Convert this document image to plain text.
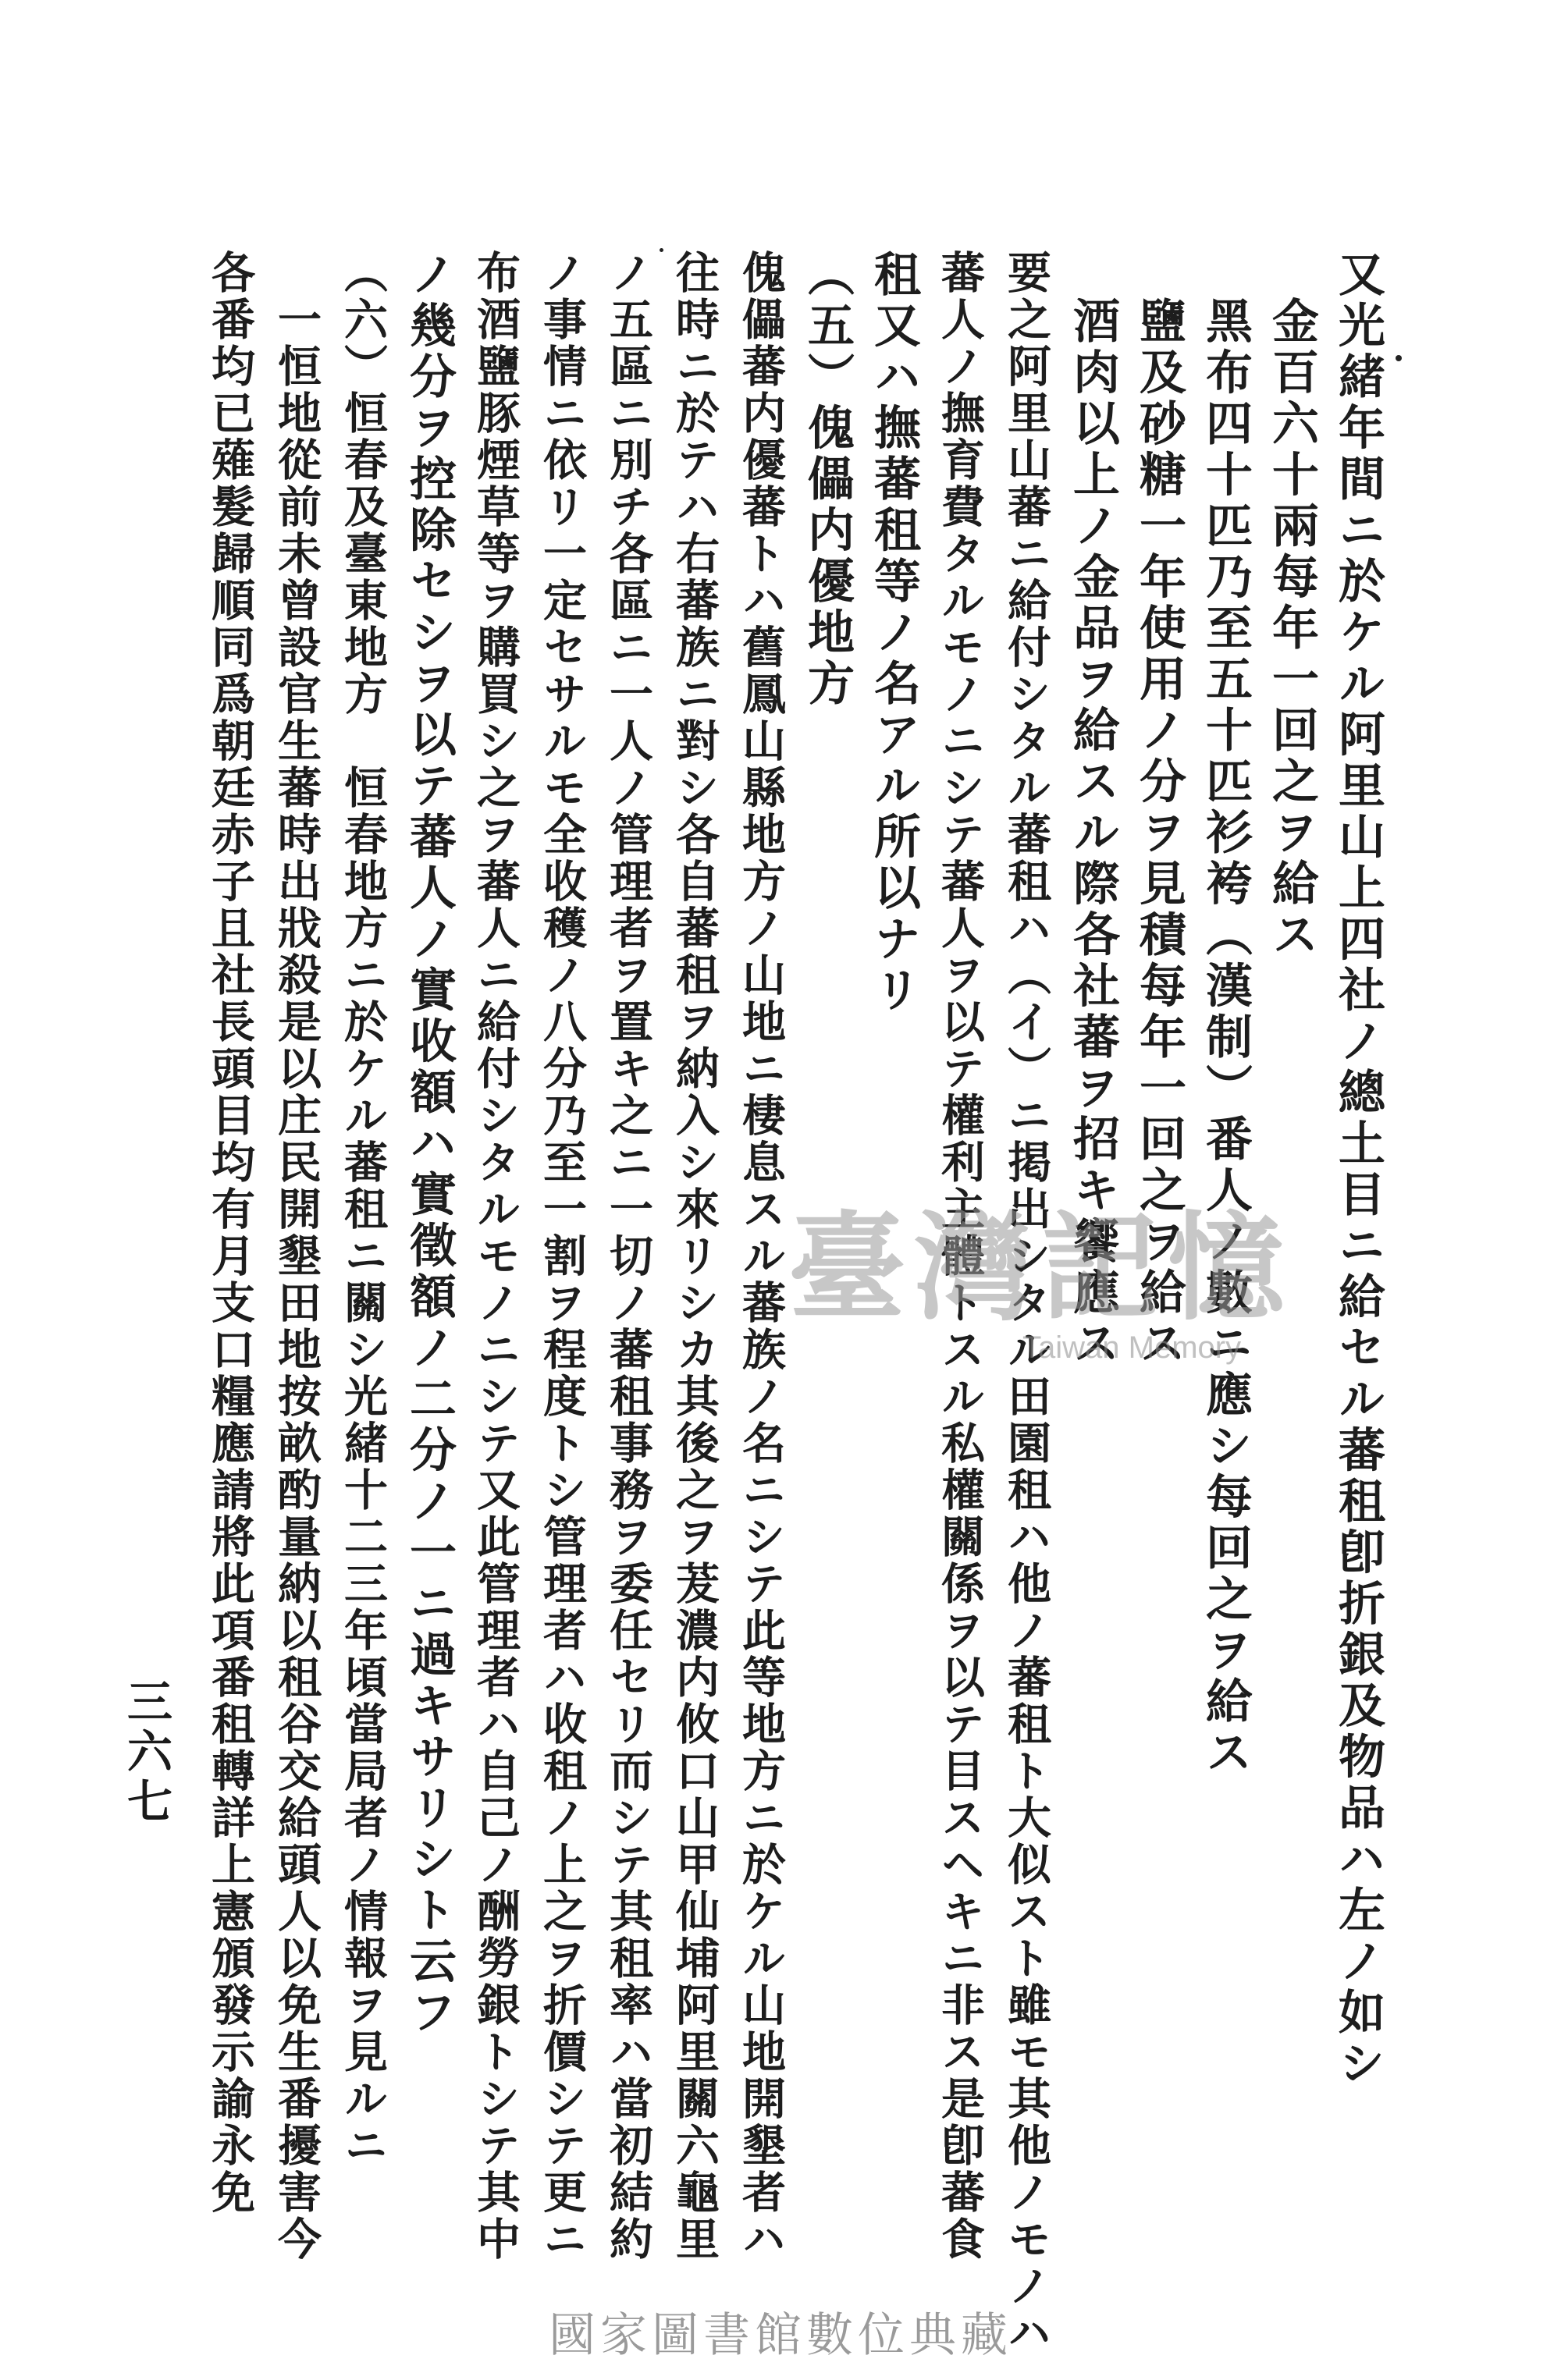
又光緒年間ニ於ケル阿里山上四社ノ總土目ニ給セル蕃租卽折銀及物品ハ左ノ如シ
金百六十兩每年一回之ヲ給ス
黑布四十匹乃至五十匹衫袴（漢制）番人ノ數ニ應シ每回之ヲ給ス
鹽及砂糖一年使用ノ分ヲ見積每年一回之ヲ給ス
酒肉以上ノ金品ヲ給スル際各社蕃ヲ招キ饗應ス
要之阿里山蕃ニ給付シタル蕃租ハ（イ）ニ掲出シタル田園租ハ他ノ蕃租ト大似スト雖モ其他ノモノハ
蕃人ノ撫育費タルモノニシテ蕃人ヲ以テ權利主體トスル私權關係ヲ以テ目スヘキニ非ス是卽蕃食
租又ハ撫蕃租等ノ名アル所以ナリ
（五）傀儡内優地方
傀儡蕃内優蕃トハ舊鳳山縣地方ノ山地ニ棲息スル蕃族ノ名ニシテ此等地方ニ於ケル山地開墾者ハ
往時ニ於テハ右蕃族ニ對シ各自蕃租ヲ納入シ來リシカ其後之ヲ茇濃内攸口山甲仙埔阿里關六龜里
ノ五區ニ別チ各區ニ一人ノ管理者ヲ置キ之ニ一切ノ蕃租事務ヲ委任セリ而シテ其租率ハ當初結約
ノ事情ニ依リ一定セサルモ全收穫ノ八分乃至一割ヲ程度トシ管理者ハ收租ノ上之ヲ折價シテ更ニ
布酒鹽豚煙草等ヲ購買シ之ヲ蕃人ニ給付シタルモノニシテ又此管理者ハ自己ノ酬勞銀トシテ其中
ノ幾分ヲ控除セシヲ以テ蕃人ノ實收額ハ實徵額ノ二分ノ一ニ過キサリシト云フ
（六）恒春及臺東地方　恒春地方ニ於ケル蕃租ニ關シ光緒十二三年頃當局者ノ情報ヲ見ルニ
一恒地從前未曾設官生蕃時出戕殺是以庄民開墾田地按畝酌量納以租谷交給頭人以免生番擾害今
各番均已薙髮歸順同爲朝廷赤子且社長頭目均有月支口糧應請將此項番租轉詳上憲頒發示諭永免
三六七
臺灣記憶
Taiwan Memory
國家圖書館數位典藏
